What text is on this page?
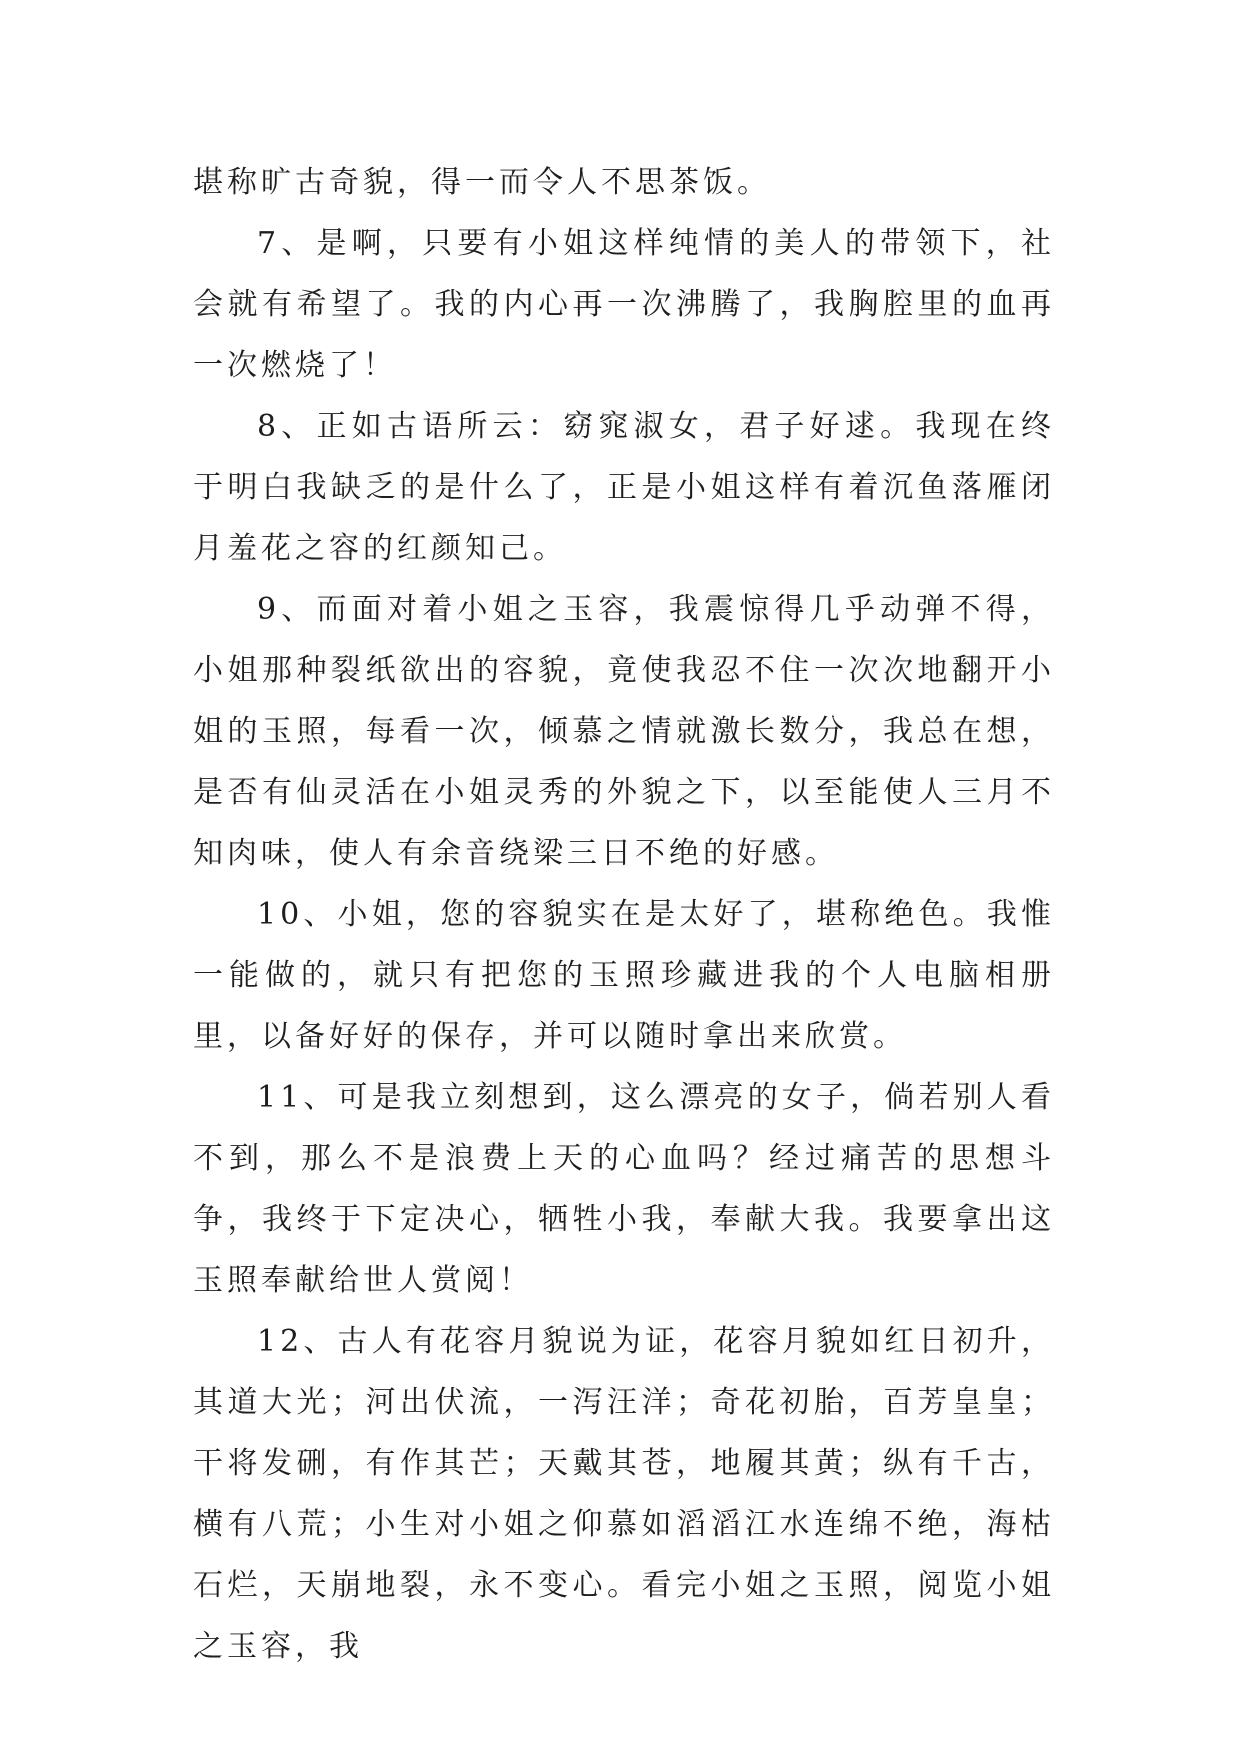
堪称旷古奇貌，得一而令人不思茶饭。

7、是啊，只要有小姐这样纯情的美人的带领下，社会就有希望了。我的内心再一次沸腾了，我胸腔里的血再一次燃烧了！

8、正如古语所云：窈窕淑女，君子好逑。我现在终于明白我缺乏的是什么了，正是小姐这样有着沉鱼落雁闭月羞花之容的红颜知己。

9、而面对着小姐之玉容，我震惊得几乎动弹不得，小姐那种裂纸欲出的容貌，竟使我忍不住一次次地翻开小姐的玉照，每看一次，倾慕之情就激长数分，我总在想，是否有仙灵活在小姐灵秀的外貌之下，以至能使人三月不知肉味，使人有余音绕梁三日不绝的好感。

10、小姐，您的容貌实在是太好了，堪称绝色。我惟一能做的，就只有把您的玉照珍藏进我的个人电脑相册里，以备好好的保存，并可以随时拿出来欣赏。

11、可是我立刻想到，这么漂亮的女子，倘若别人看不到，那么不是浪费上天的心血吗？经过痛苦的思想斗争，我终于下定决心，牺牲小我，奉献大我。我要拿出这玉照奉献给世人赏阅！

12、古人有花容月貌说为证，花容月貌如红日初升，其道大光；河出伏流，一泻汪洋；奇花初胎，百芳皇皇；干将发硎，有作其芒；天戴其苍，地履其黄；纵有千古，横有八荒；小生对小姐之仰慕如滔滔江水连绵不绝，海枯石烂，天崩地裂，永不变心。看完小姐之玉照，阅览小姐之玉容，我
